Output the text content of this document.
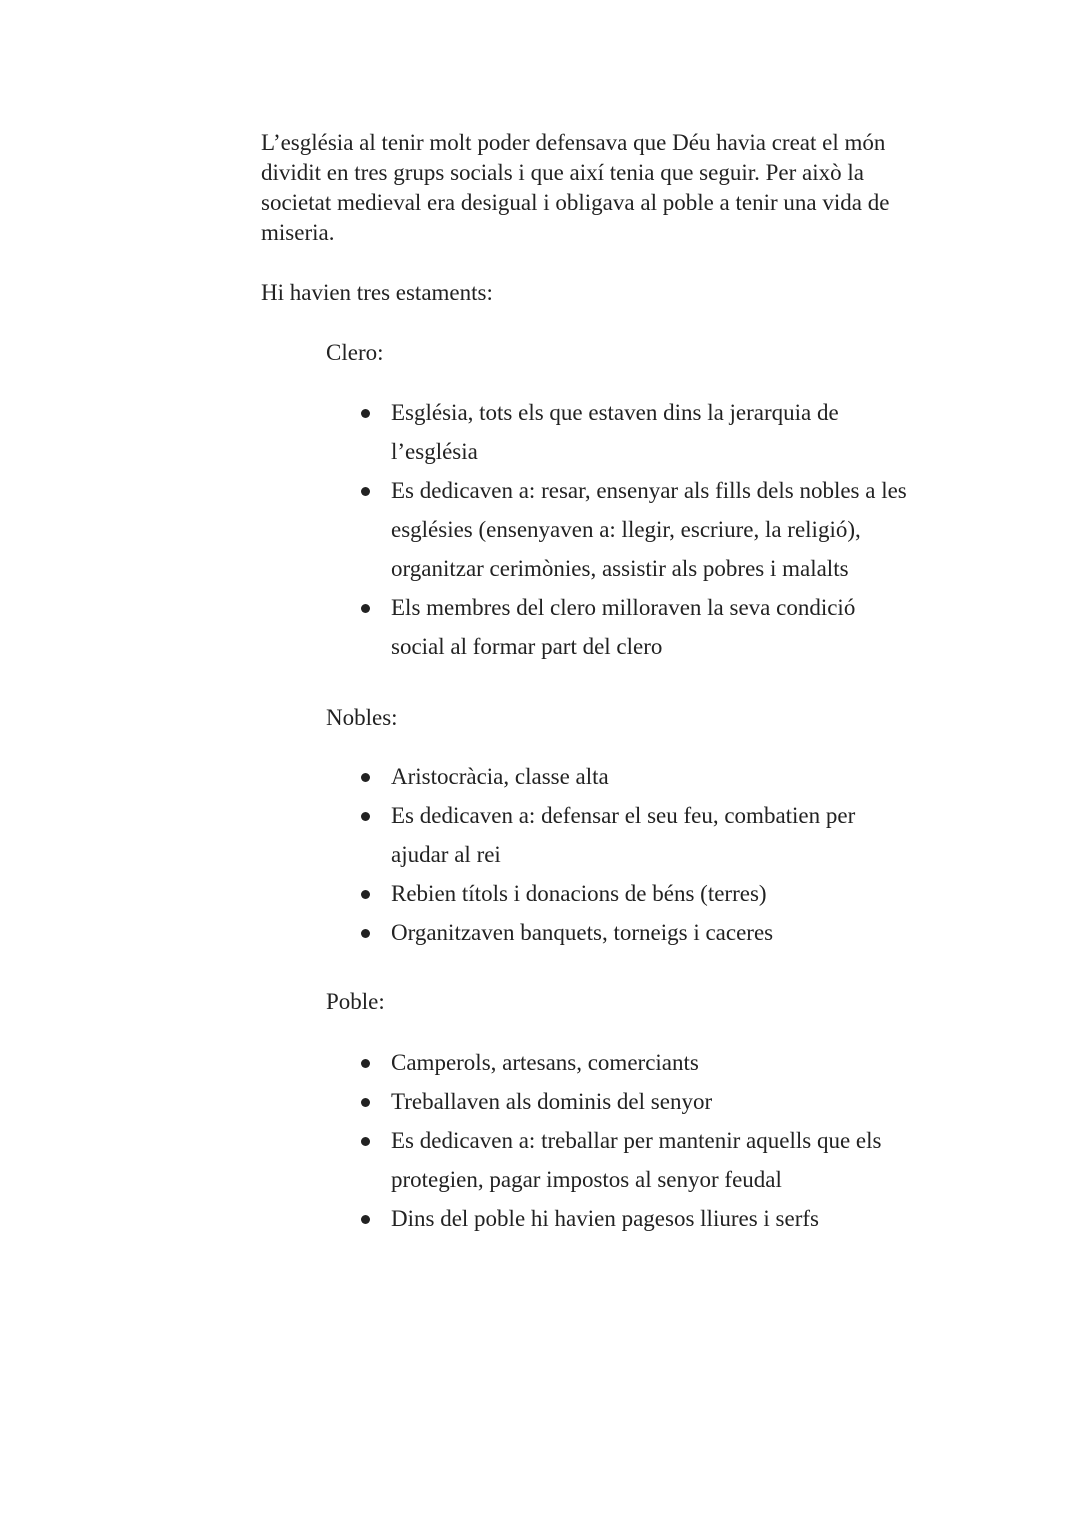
L’església al tenir molt poder defensava que Déu havia creat el món
dividit en tres grups socials i que així tenia que seguir. Per això la
societat medieval era desigual i obligava al poble a tenir una vida de
miseria.
Hi havien tres estaments:
Clero:
Església, tots els que estaven dins la jerarquia de
l’església
Es dedicaven a: resar, ensenyar als fills dels nobles a les
esglésies (ensenyaven a: llegir, escriure, la religió),
organitzar cerimònies, assistir als pobres i malalts
Els membres del clero milloraven la seva condició
social al formar part del clero
Nobles:
Aristocràcia, classe alta
Es dedicaven a: defensar el seu feu, combatien per
ajudar al rei
Rebien títols i donacions de béns (terres)
Organitzaven banquets, torneigs i caceres
Poble:
Camperols, artesans, comerciants
Treballaven als dominis del senyor
Es dedicaven a: treballar per mantenir aquells que els
protegien, pagar impostos al senyor feudal
Dins del poble hi havien pagesos lliures i serfs
